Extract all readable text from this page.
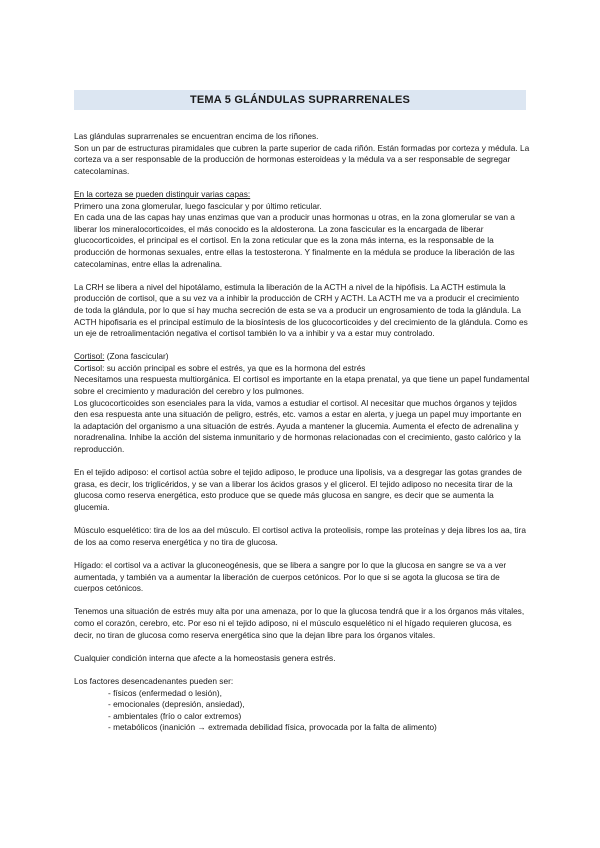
TEMA 5 GLÁNDULAS SUPRARRENALES

Las glándulas suprarrenales se encuentran encima de los riñones.

Son un par de estructuras piramidales que cubren la parte superior de cada riñón. Están formadas por corteza y médula. La corteza va a ser responsable de la producción de hormonas esteroideas y la médula va a ser responsable de segregar catecolaminas.

En la corteza se pueden distinguir varias capas:

Primero una zona glomerular, luego fascicular y por último reticular.

En cada una de las capas hay unas enzimas que van a producir unas hormonas u otras, en la zona glomerular se van a liberar los mineralocorticoides, el más conocido es la aldosterona. La zona fascicular es la encargada de liberar glucocorticoides, el principal es el cortisol. En la zona reticular que es la zona más interna, es la responsable de la producción de hormonas sexuales, entre ellas la testosterona. Y finalmente en la médula se produce la liberación de las catecolaminas, entre ellas la adrenalina.

La CRH se libera a nivel del hipotálamo, estimula la liberación de la ACTH a nivel de la hipófisis. La ACTH estimula la producción de cortisol, que a su vez va a inhibir la producción de CRH y ACTH. La ACTH me va a producir el crecimiento de toda la glándula, por lo que sí hay mucha secreción de esta se va a producir un engrosamiento de toda la glándula. La ACTH hipofisaria es el principal estímulo de la biosíntesis de los glucocorticoides y del crecimiento de la glándula. Como es un eje de retroalimentación negativa el cortisol también lo va a inhibir y va a estar muy controlado.

Cortisol: (Zona fascicular)

Cortisol: su acción principal es sobre el estrés, ya que es la hormona del estrés

Necesitamos una respuesta multiorgánica. El cortisol es importante en la etapa prenatal, ya que tiene un papel fundamental sobre el crecimiento y maduración del cerebro y los pulmones.

Los glucocorticoides son esenciales para la vida, vamos a estudiar el cortisol. Al necesitar que muchos órganos y tejidos den esa respuesta ante una situación de peligro, estrés, etc. vamos a estar en alerta, y juega un papel muy importante en la adaptación del organismo a una situación de estrés. Ayuda a mantener la glucemia. Aumenta el efecto de adrenalina y noradrenalina. Inhibe la acción del sistema inmunitario y de hormonas relacionadas con el crecimiento, gasto calórico y la reproducción.

En el tejido adiposo: el cortisol actúa sobre el tejido adiposo, le produce una lipolisis, va a desgregar las gotas grandes de grasa, es decir, los triglicéridos, y se van a liberar los ácidos grasos y el glicerol. El tejido adiposo no necesita tirar de la glucosa como reserva energética, esto produce que se quede más glucosa en sangre, es decir que se aumenta la glucemia.

Músculo esquelético: tira de los aa del músculo. El cortisol activa la proteolisis, rompe las proteínas y deja libres los aa, tira de los aa como reserva energética y no tira de glucosa.

Hígado: el cortisol va a activar la gluconeogénesis, que se libera a sangre por lo que la glucosa en sangre se va a ver aumentada, y también va a aumentar la liberación de cuerpos cetónicos. Por lo que si se agota la glucosa se tira de cuerpos cetónicos.

Tenemos una situación de estrés muy alta por una amenaza, por lo que la glucosa tendrá que ir a los órganos más vitales, como el corazón, cerebro, etc. Por eso ni el tejido adiposo, ni el músculo esquelético ni el hígado requieren glucosa, es decir, no tiran de glucosa como reserva energética sino que la dejan libre para los órganos vitales.

Cualquier condición interna que afecte a la homeostasis genera estrés.

Los factores desencadenantes pueden ser:

- físicos (enfermedad o lesión),
- emocionales (depresión, ansiedad),
- ambientales (frío o calor extremos)
- metabólicos (inanición → extremada debilidad física, provocada por la falta de alimento)
